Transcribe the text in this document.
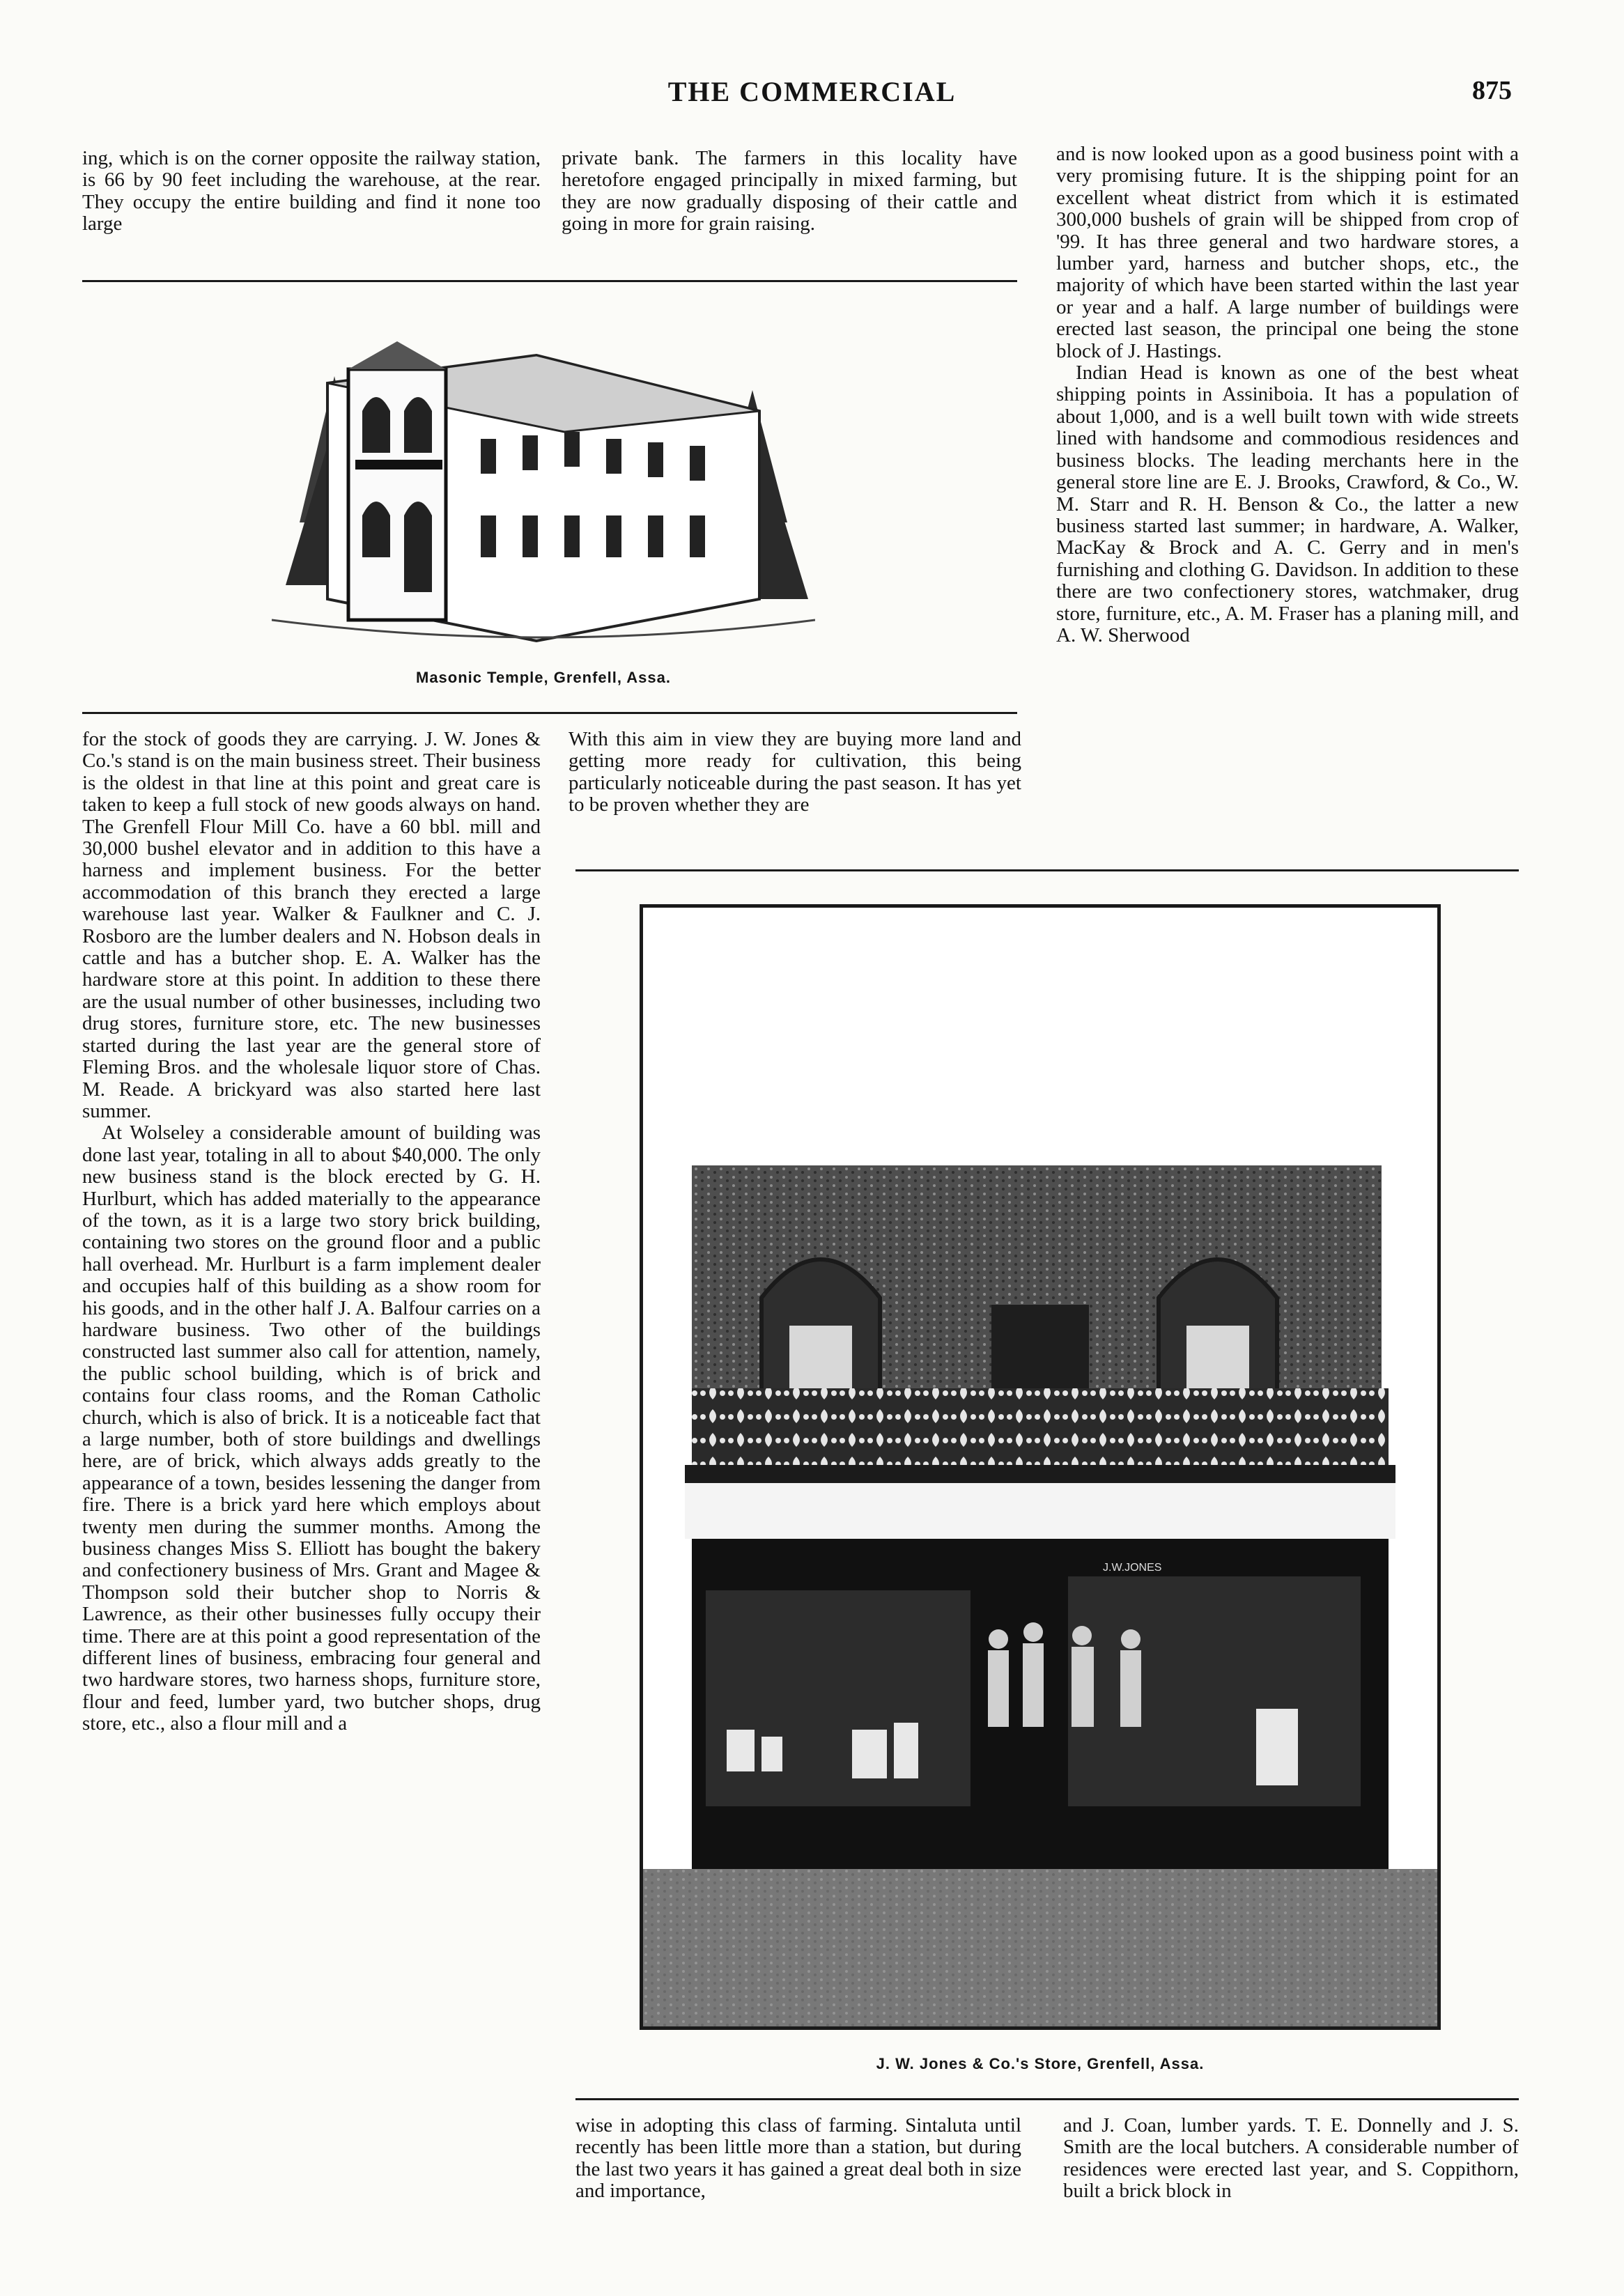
THE COMMERCIAL	875

ing, which is on the corner opposite the railway station, is 66 by 90 feet including the warehouse, at the rear. They occupy the entire building and find it none too large

private bank. The farmers in this locality have heretofore engaged principally in mixed farming, but they are now gradually disposing of their cattle and going in more for grain raising.

and is now looked upon as a good business point with a very promising future. It is the shipping point for an excellent wheat district from which it is estimated 300,000 bushels of grain will be shipped from crop of '99. It has three general and two hardware stores, a lumber yard, harness and butcher shops, etc., the majority of which have been started within the last year or year and a half. A large number of buildings were erected last season, the principal one being the stone block of J. Hastings.

Indian Head is known as one of the best wheat shipping points in Assiniboia. It has a population of about 1,000, and is a well built town with wide streets lined with handsome and commodious residences and business blocks. The leading merchants here in the general store line are E. J. Brooks, Crawford, & Co., W. M. Starr and R. H. Benson & Co., the latter a new business started last summer; in hardware, A. Walker, MacKay & Brock and A. C. Gerry and in men's furnishing and clothing G. Davidson. In addition to these there are two confectionery stores, watchmaker, drug store, furniture, etc., A. M. Fraser has a planing mill, and A. W. Sherwood

Masonic Temple, Grenfell, Assa.

for the stock of goods they are carrying. J. W. Jones & Co.'s stand is on the main business street. Their business is the oldest in that line at this point and great care is taken to keep a full stock of new goods always on hand. The Grenfell Flour Mill Co. have a 60 bbl. mill and 30,000 bushel elevator and in addition to this have a harness and implement business. For the better accommodation of this branch they erected a large warehouse last year. Walker & Faulkner and C. J. Rosboro are the lumber dealers and N. Hobson deals in cattle and has a butcher shop. E. A. Walker has the hardware store at this point. In addition to these there are the usual number of other businesses, including two drug stores, furniture store, etc. The new businesses started during the last year are the general store of Fleming Bros. and the wholesale liquor store of Chas. M. Reade. A brickyard was also started here last summer.

At Wolseley a considerable amount of building was done last year, totaling in all to about $40,000. The only new business stand is the block erected by G. H. Hurlburt, which has added materially to the appearance of the town, as it is a large two story brick building, containing two stores on the ground floor and a public hall overhead. Mr. Hurlburt is a farm implement dealer and occupies half of this building as a show room for his goods, and in the other half J. A. Balfour carries on a hardware business. Two other of the buildings constructed last summer also call for attention, namely, the public school building, which is of brick and contains four class rooms, and the Roman Catholic church, which is also of brick. It is a noticeable fact that a large number, both of store buildings and dwellings here, are of brick, which always adds greatly to the appearance of a town, besides lessening the danger from fire. There is a brick yard here which employs about twenty men during the summer months. Among the business changes Miss S. Elliott has bought the bakery and confectionery business of Mrs. Grant and Magee & Thompson sold their butcher shop to Norris & Lawrence, as their other businesses fully occupy their time. There are at this point a good representation of the different lines of business, embracing four general and two hardware stores, two harness shops, furniture store, flour and feed, lumber yard, two butcher shops, drug store, etc., also a flour mill and a

With this aim in view they are buying more land and getting more ready for cultivation, this being particularly noticeable during the past season. It has yet to be proven whether they are

J.W.JONES
J. W. Jones & Co.'s Store, Grenfell, Assa.

wise in adopting this class of farming. Sintaluta until recently has been little more than a station, but during the last two years it has gained a great deal both in size and importance,

and J. Coan, lumber yards. T. E. Donnelly and J. S. Smith are the local butchers. A considerable number of residences were erected last year, and S. Coppithorn, built a brick block in
